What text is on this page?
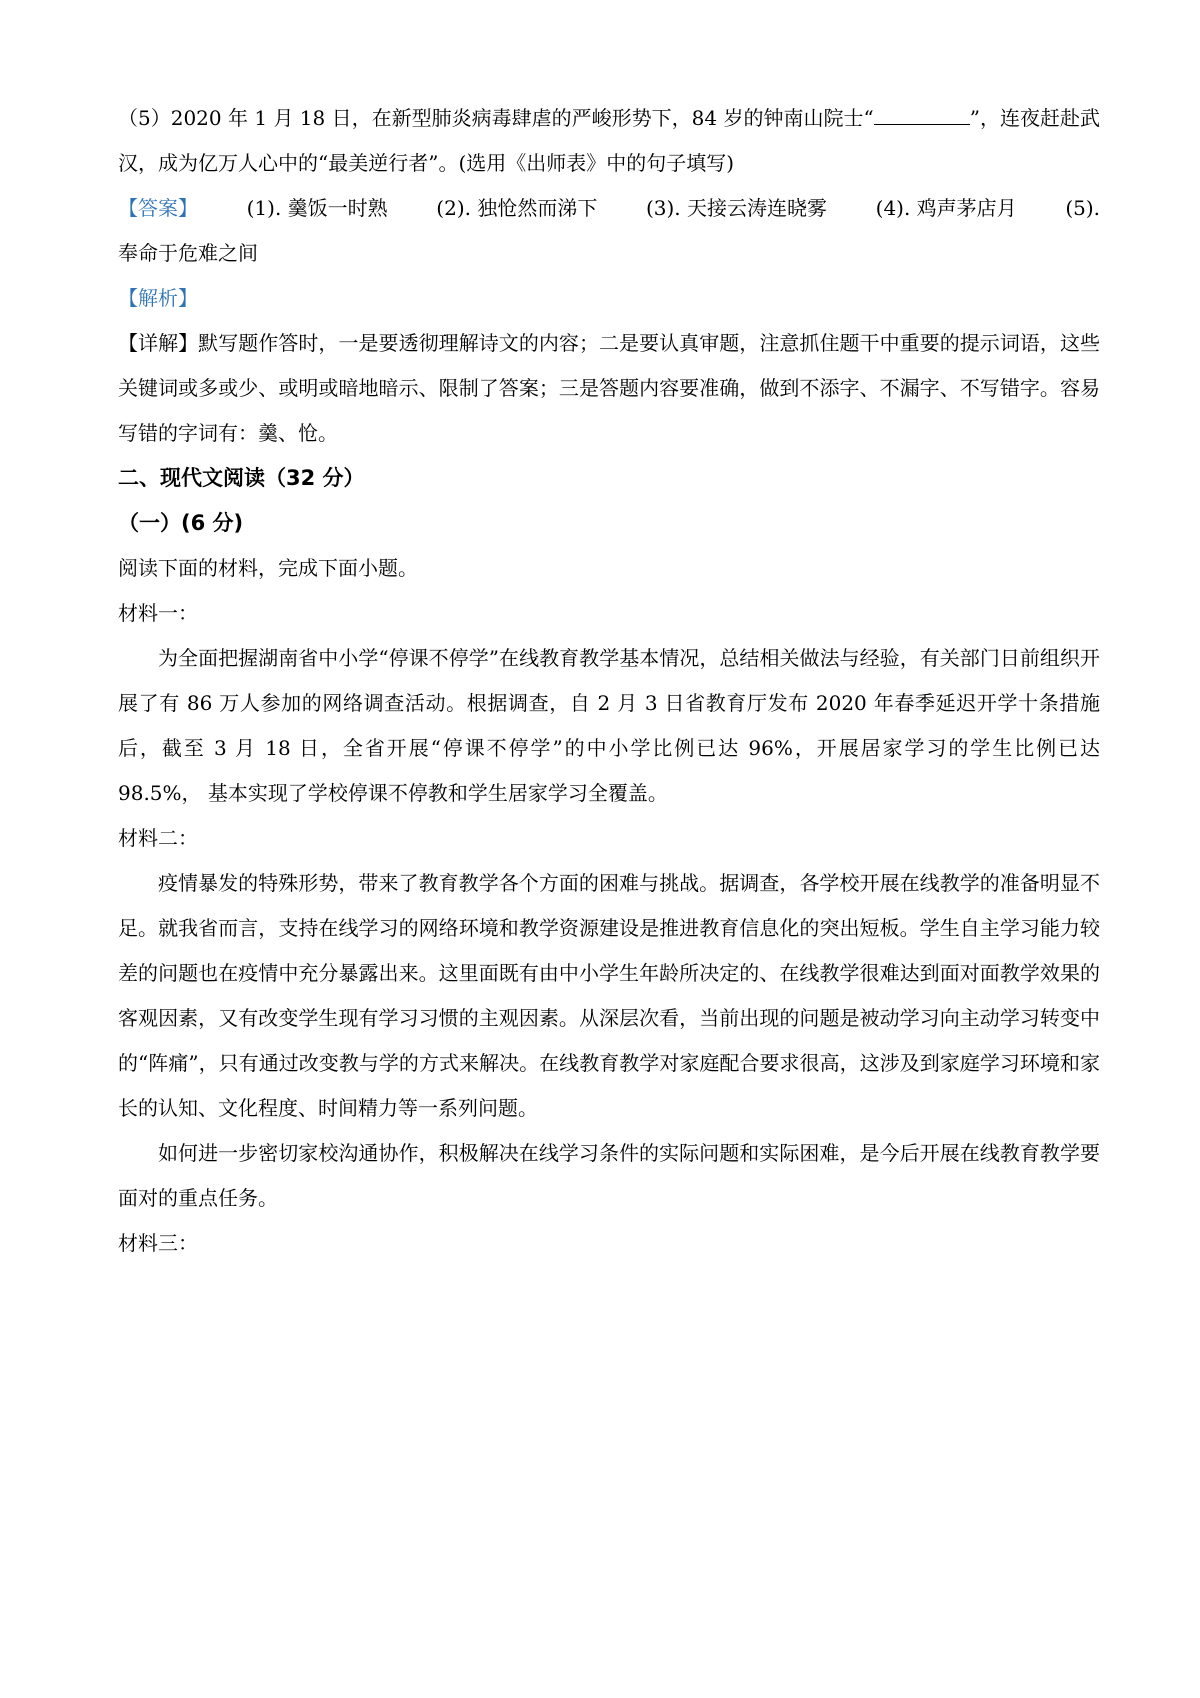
（5）2020 年 1 月 18 日，在新型肺炎病毒肆虐的严峻形势下，84 岁的钟南山院士“	”，连夜赶赴武汉，成为亿万人心中的“最美逆行者”。(选用《出师表》中的句子填写)

【答案】 (1). 羹饭一时熟 (2). 独怆然而涕下 (3). 天接云涛连晓雾 (4). 鸡声茅店月 (5).

奉命于危难之间

【解析】

【详解】默写题作答时，一是要透彻理解诗文的内容；二是要认真审题，注意抓住题干中重要的提示词语，这些关键词或多或少、或明或暗地暗示、限制了答案；三是答题内容要准确，做到不添字、不漏字、不写错字。容易写错的字词有：羹、怆。

二、现代文阅读（32 分）

（一）(6 分)

阅读下面的材料，完成下面小题。

材料一：

为全面把握湖南省中小学“停课不停学”在线教育教学基本情况，总结相关做法与经验，有关部门日前组织开展了有 86 万人参加的网络调查活动。根据调查，自 2 月 3 日省教育厅发布 2020 年春季延迟开学十条措施后，截至 3 月 18 日，全省开展“停课不停学”的中小学比例已达 96%，开展居家学习的学生比例已达 98.5%， 基本实现了学校停课不停教和学生居家学习全覆盖。

材料二：

疫情暴发的特殊形势，带来了教育教学各个方面的困难与挑战。据调查，各学校开展在线教学的准备明显不足。就我省而言，支持在线学习的网络环境和教学资源建设是推进教育信息化的突出短板。学生自主学习能力较差的问题也在疫情中充分暴露出来。这里面既有由中小学生年龄所决定的、在线教学很难达到面对面教学效果的客观因素，又有改变学生现有学习习惯的主观因素。从深层次看，当前出现的问题是被动学习向主动学习转变中的“阵痛”，只有通过改变教与学的方式来解决。在线教育教学对家庭配合要求很高，这涉及到家庭学习环境和家长的认知、文化程度、时间精力等一系列问题。

如何进一步密切家校沟通协作，积极解决在线学习条件的实际问题和实际困难，是今后开展在线教育教学要面对的重点任务。

材料三：
